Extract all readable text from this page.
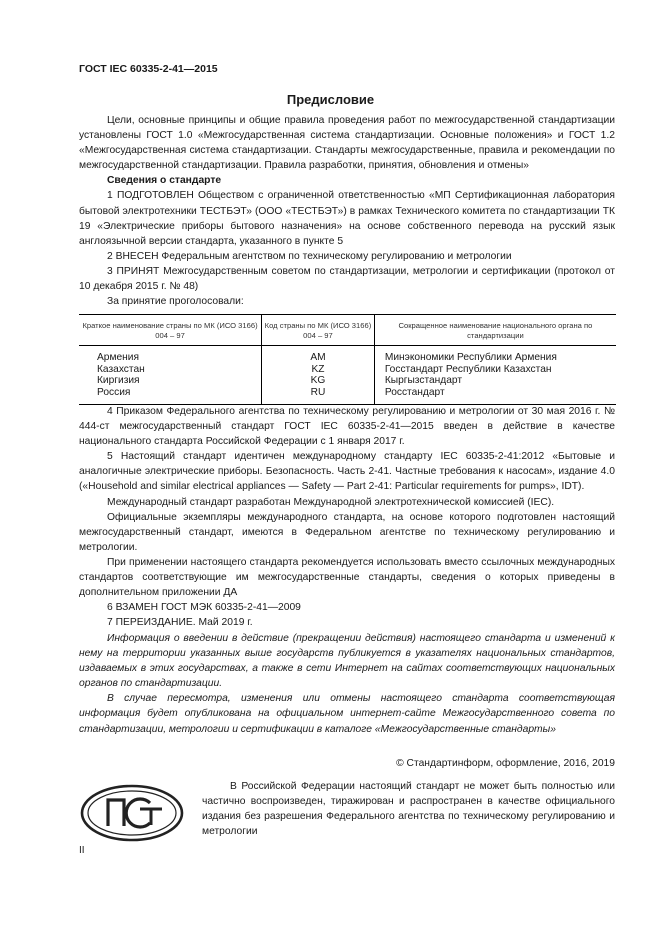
ГОСТ IEC 60335-2-41—2015
Предисловие

Цели, основные принципы и общие правила проведения работ по межгосударственной стандартизации установлены ГОСТ 1.0 «Межгосударственная система стандартизации. Основные положения» и ГОСТ 1.2 «Межгосударственная система стандартизации. Стандарты межгосударственные, правила и рекомендации по межгосударственной стандартизации. Правила разработки, принятия, обновления и отмены»

Сведения о стандарте

1 ПОДГОТОВЛЕН Обществом с ограниченной ответственностью «МП Сертификационная лаборатория бытовой электротехники ТЕСТБЭТ» (ООО «ТЕСТБЭТ») в рамках Технического комитета по стандартизации ТК 19 «Электрические приборы бытового назначения» на основе собственного перевода на русский язык англоязычной версии стандарта, указанного в пункте 5

2 ВНЕСЕН Федеральным агентством по техническому регулированию и метрологии

3 ПРИНЯТ Межгосударственным советом по стандартизации, метрологии и сертификации (протокол от 10 декабря 2015 г. № 48)

За принятие проголосовали:

Краткое наименование страны по МК (ИСО 3166) 004 – 97	Код страны по МК (ИСО 3166) 004 – 97	Сокращенное наименование национального органа по стандартизации
Армения	AM	Минэкономики Республики Армения
Казахстан	KZ	Госстандарт Республики Казахстан
Киргизия	KG	Кыргызстандарт
Россия	RU	Росстандарт

4 Приказом Федерального агентства по техническому регулированию и метрологии от 30 мая 2016 г. № 444-ст межгосударственный стандарт ГОСТ IEC 60335-2-41—2015 введен в действие в качестве национального стандарта Российской Федерации с 1 января 2017 г.

5 Настоящий стандарт идентичен международному стандарту IEC 60335-2-41:2012 «Бытовые и аналогичные электрические приборы. Безопасность. Часть 2-41. Частные требования к насосам», издание 4.0 («Household and similar electrical appliances — Safety — Part 2-41: Particular requirements for pumps», IDT).

Международный стандарт разработан Международной электротехнической комиссией (IEC).

Официальные экземпляры международного стандарта, на основе которого подготовлен настоящий межгосударственный стандарт, имеются в Федеральном агентстве по техническому регулированию и метрологии.

При применении настоящего стандарта рекомендуется использовать вместо ссылочных международных стандартов соответствующие им межгосударственные стандарты, сведения о которых приведены в дополнительном приложении ДА

6 ВЗАМЕН ГОСТ МЭК 60335-2-41—2009

7 ПЕРЕИЗДАНИЕ. Май 2019 г.

Информация о введении в действие (прекращении действия) настоящего стандарта и изменений к нему на территории указанных выше государств публикуется в указателях национальных стандартов, издаваемых в этих государствах, а также в сети Интернет на сайтах соответствующих национальных органов по стандартизации.

В случае пересмотра, изменения или отмены настоящего стандарта соответствующая информация будет опубликована на официальном интернет-сайте Межгосударственного совета по стандартизации, метрологии и сертификации в каталоге «Межгосударственные стандарты»

© Стандартинформ, оформление, 2016, 2019

В Российской Федерации настоящий стандарт не может быть полностью или частично воспроизведен, тиражирован и распространен в качестве официального издания без разрешения Федерального агентства по техническому регулированию и метрологии

II
